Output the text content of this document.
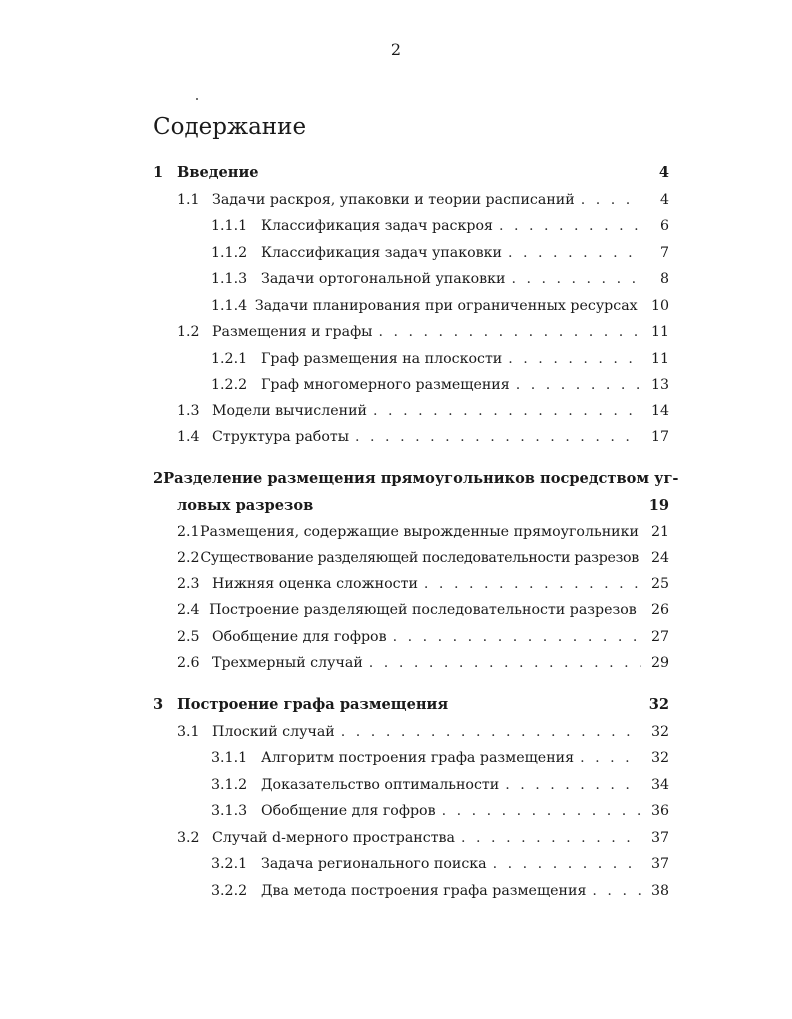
2
Содержание
1 Введение	4
1.1 Задачи раскроя, упаковки и теории расписаний . . .	4
1.1.1 Классификация задач раскроя . . .	6
1.1.2 Классификация задач упаковки . . .	7
1.1.3 Задачи ортогональной упаковки . . .	8
1.1.4 Задачи планирования при ограниченных ресурсах 10
1.2 Размещения и графы . . .	11
1.2.1 Граф размещения на плоскости . . .	11
1.2.2 Граф многомерного размещения . . .	13
1.3 Модели вычислений . . .	14
1.4 Структура работы . . .	17
2 Разделение размещения прямоугольников посредством уг-
ловых разрезов	19
2.1 Размещения, содержащие вырожденные прямоугольники 21
2.2 Существование разделяющей последовательности разрезов 24
2.3 Нижняя оценка сложности . . .	25
2.4 Построение разделяющей последовательности разрезов 26
2.5 Обобщение для гофров . . .	27
2.6 Трехмерный случай . . .	29
3 Построение графа размещения	32
3.1 Плоский случай . . .	32
3.1.1 Алгоритм построения графа размещения . . .	32
3.1.2 Доказательство оптимальности . . .	34
3.1.3 Обобщение для гофров . . .	36
3.2 Случай d-мерного пространства . . .	37
3.2.1 Задача регионального поиска . . .	37
3.2.2 Два метода построения графа размещения . . .	38
